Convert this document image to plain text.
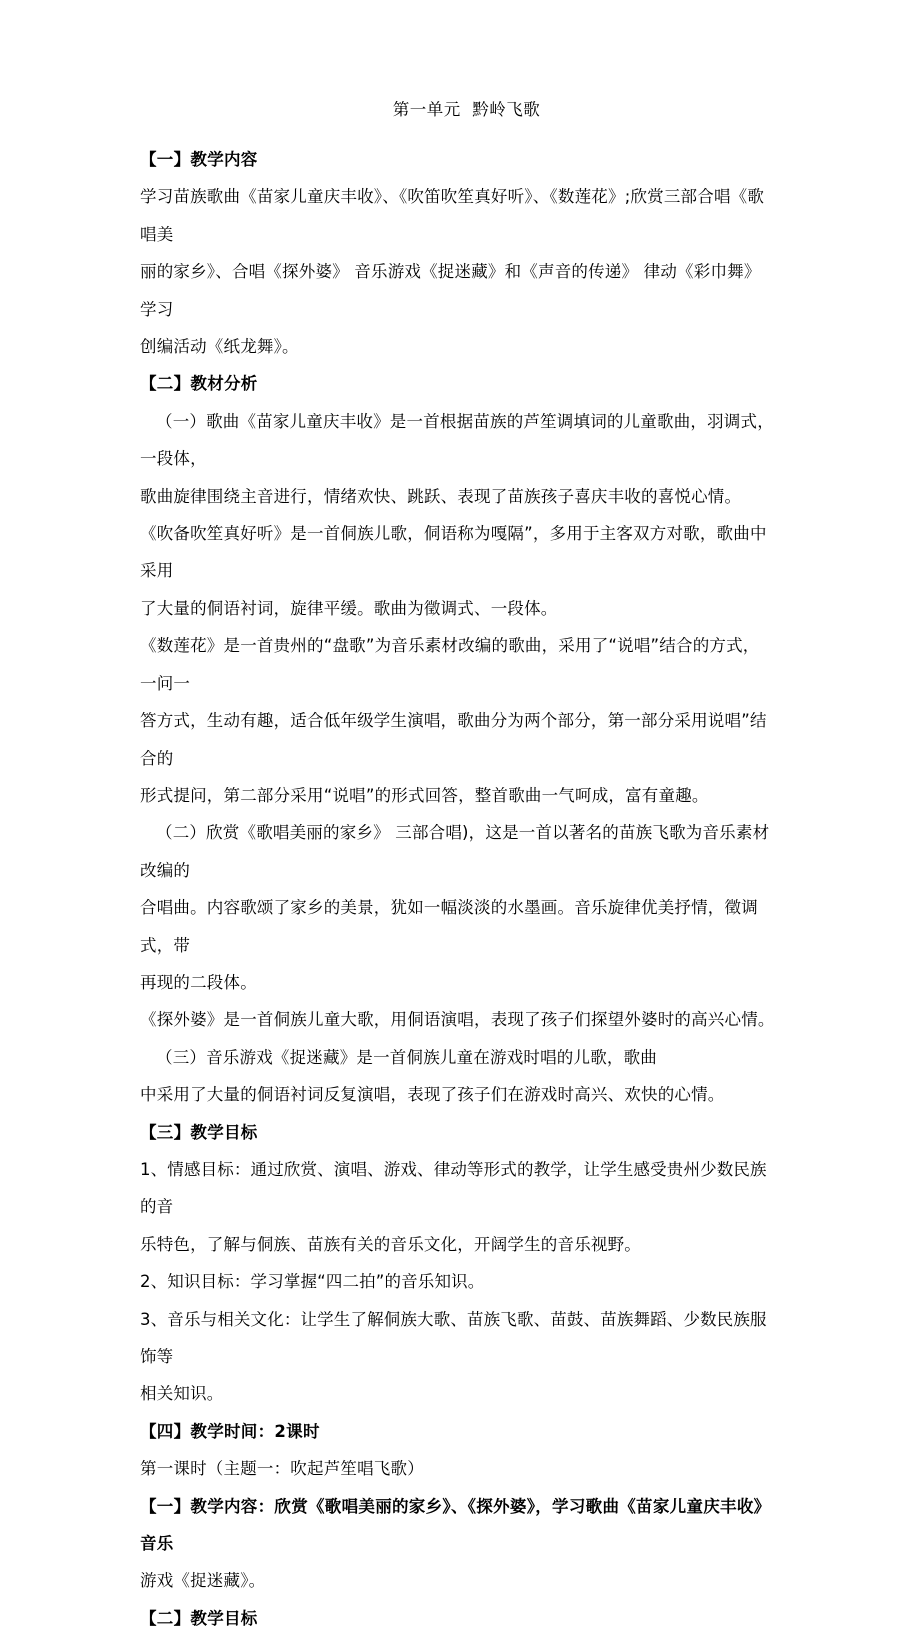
第一单元  黔岭飞歌
【一】教学内容
学习苗族歌曲《苗家儿童庆丰收》、《吹笛吹笙真好听》、《数莲花》;欣赏三部合唱《歌唱美
丽的家乡》、合唱《探外婆》 音乐游戏《捉迷藏》和《声音的传递》 律动《彩巾舞》  学习
创编活动《纸龙舞》。
【二】教材分析
（一）歌曲《苗家儿童庆丰收》是一首根据苗族的芦笙调填词的儿童歌曲，羽调式，一段体，
歌曲旋律围绕主音进行，情绪欢快、跳跃、表现了苗族孩子喜庆丰收的喜悦心情。
《吹备吹笙真好听》是一首侗族儿歌，侗语称为嘎隔”，多用于主客双方对歌，歌曲中采用
了大量的侗语衬词，旋律平缓。歌曲为徵调式、一段体。
《数莲花》是一首贵州的“盘歌”为音乐素材改编的歌曲，采用了“说唱”结合的方式，一问一
答方式，生动有趣，适合低年级学生演唱，歌曲分为两个部分，第一部分采用说唱”结合的
形式提问，第二部分采用“说唱”的形式回答，整首歌曲一气呵成，富有童趣。
（二）欣赏《歌唱美丽的家乡》 三部合唱)，这是一首以著名的苗族飞歌为音乐素材改编的
合唱曲。内容歌颂了家乡的美景，犹如一幅淡淡的水墨画。音乐旋律优美抒情，徵调式，带
再现的二段体。
《探外婆》是一首侗族儿童大歌，用侗语演唱，表现了孩子们探望外婆时的高兴心情。
（三）音乐游戏《捉迷藏》是一首侗族儿童在游戏时唱的儿歌，歌曲
中采用了大量的侗语衬词反复演唱，表现了孩子们在游戏时高兴、欢快的心情。
【三】教学目标
1、情感目标：通过欣赏、演唱、游戏、律动等形式的教学，让学生感受贵州少数民族的音
乐特色，了解与侗族、苗族有关的音乐文化，开阔学生的音乐视野。
2、知识目标：学习掌握“四二拍”的音乐知识。
3、音乐与相关文化：让学生了解侗族大歌、苗族飞歌、苗鼓、苗族舞蹈、少数民族服饰等
相关知识。
【四】教学时间：2课时
第一课时（主题一：吹起芦笙唱飞歌）
【一】教学内容：欣赏《歌唱美丽的家乡》、《探外婆》，学习歌曲《苗家儿童庆丰收》 音乐
游戏《捉迷藏》。
【二】教学目标
